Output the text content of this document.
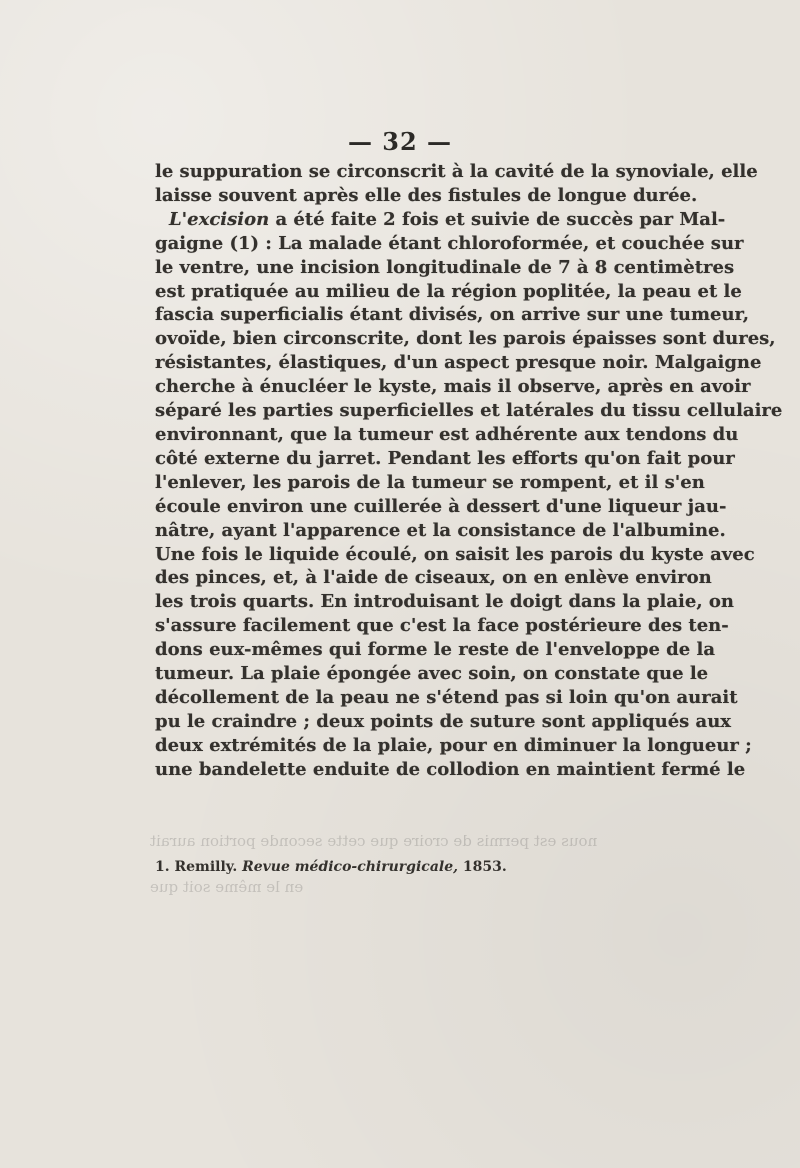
— 32 —
le suppuration se circonscrit à la cavité de la synoviale, elle
laisse souvent après elle des fistules de longue durée.
L'excision a été faite 2 fois et suivie de succès par Mal-
gaigne (1) : La malade étant chloroformée, et couchée sur
le ventre, une incision longitudinale de 7 à 8 centimètres
est pratiquée au milieu de la région poplitée, la peau et le
fascia superficialis étant divisés, on arrive sur une tumeur,
ovoïde, bien circonscrite, dont les parois épaisses sont dures,
résistantes, élastiques, d'un aspect presque noir. Malgaigne
cherche à énucléer le kyste, mais il observe, après en avoir
séparé les parties superficielles et latérales du tissu cellulaire
environnant, que la tumeur est adhérente aux tendons du
côté externe du jarret. Pendant les efforts qu'on fait pour
l'enlever, les parois de la tumeur se rompent, et il s'en
écoule environ une cuillerée à dessert d'une liqueur jau-
nâtre, ayant l'apparence et la consistance de l'albumine.
Une fois le liquide écoulé, on saisit les parois du kyste avec
des pinces, et, à l'aide de ciseaux, on en enlève environ
les trois quarts. En introduisant le doigt dans la plaie, on
s'assure facilement que c'est la face postérieure des ten-
dons eux-mêmes qui forme le reste de l'enveloppe de la
tumeur. La plaie épongée avec soin, on constate que le
décollement de la peau ne s'étend pas si loin qu'on aurait
pu le craindre ; deux points de suture sont appliqués aux
deux extrémités de la plaie, pour en diminuer la longueur ;
une bandelette enduite de collodion en maintient fermé le
nous est permis de croire que cette seconde portion aurait
en le même soit que
1. Remilly. Revue médico-chirurgicale, 1853.
